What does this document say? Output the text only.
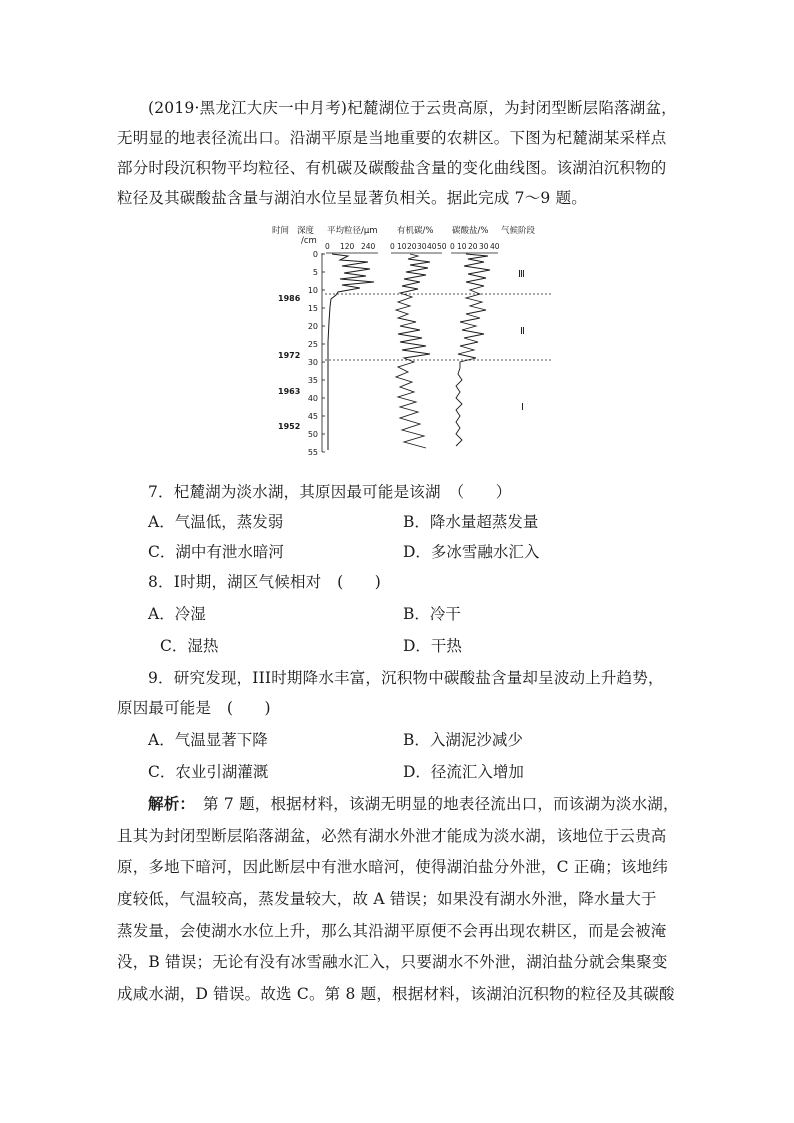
(2019·黑龙江大庆一中月考)杞麓湖位于云贵高原，为封闭型断层陷落湖盆，
无明显的地表径流出口。沿湖平原是当地重要的农耕区。下图为杞麓湖某采样点
部分时段沉积物平均粒径、有机碳及碳酸盐含量的变化曲线图。该湖泊沉积物的
粒径及其碳酸盐含量与湖泊水位呈显著负相关。据此完成 7～9 题。
时间 深度
/cm
平均粒径/μm 有机碳/% 碳酸盐/% 气候阶段
0 120 240 0 10 20 30 40 50 0 10 20 30 40
0
5
10
15
20
25
30
35
40
45
50
55
1986
1972
1963
1952
Ⅲ
Ⅱ
Ⅰ
7．杞麓湖为淡水湖，其原因最可能是该湖　（　　）
A．气温低，蒸发弱	B．降水量超蒸发量
C．湖中有泄水暗河	D．多冰雪融水汇入
8．Ⅰ时期，湖区气候相对　(　　)
A．冷湿	B．冷干
C．湿热	D．干热
9．研究发现，III时期降水丰富，沉积物中碳酸盐含量却呈波动上升趋势，
原因最可能是　(　　)
A．气温显著下降	B．入湖泥沙减少
C．农业引湖灌溉	D．径流汇入增加
解析：　第 7 题，根据材料，该湖无明显的地表径流出口，而该湖为淡水湖，
且其为封闭型断层陷落湖盆，必然有湖水外泄才能成为淡水湖，该地位于云贵高
原，多地下暗河，因此断层中有泄水暗河，使得湖泊盐分外泄，C 正确；该地纬
度较低，气温较高，蒸发量较大，故 A 错误；如果没有湖水外泄，降水量大于
蒸发量，会使湖水水位上升，那么其沿湖平原便不会再出现农耕区，而是会被淹
没，B 错误；无论有没有冰雪融水汇入，只要湖水不外泄，湖泊盐分就会集聚变
成咸水湖，D 错误。故选 C。第 8 题，根据材料，该湖泊沉积物的粒径及其碳酸
